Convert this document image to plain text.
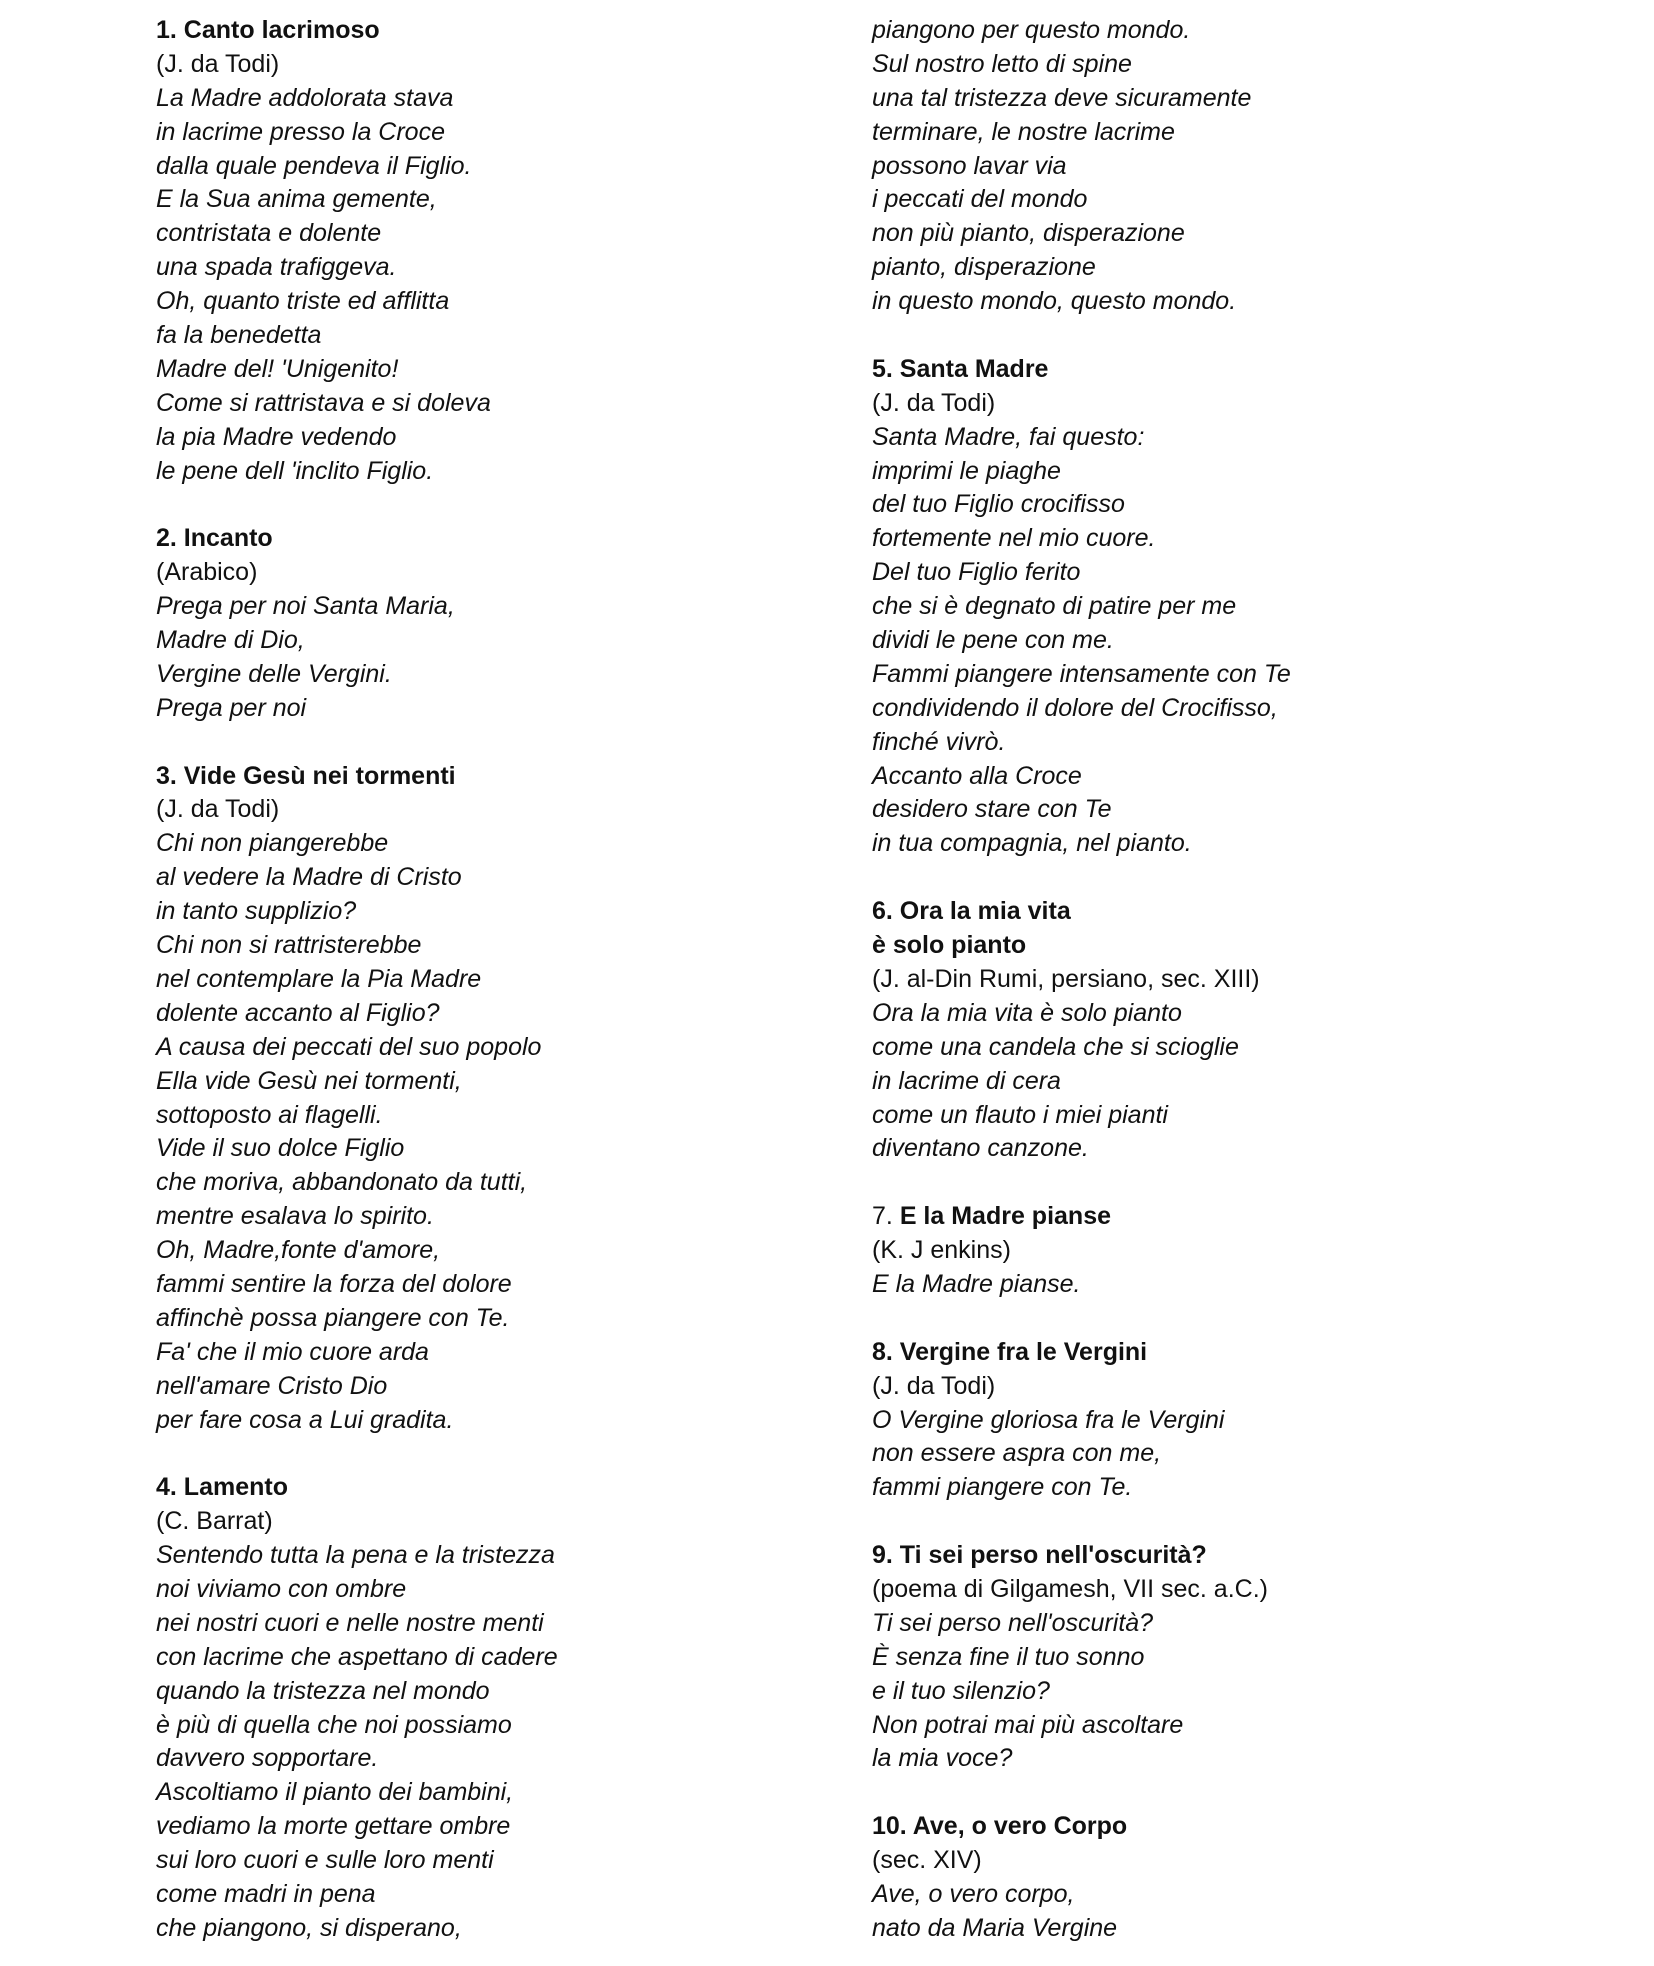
1. Canto lacrimoso
(J. da Todi)
La Madre addolorata stava
in lacrime presso la Croce
dalla quale pendeva il Figlio.
E la Sua anima gemente,
contristata e dolente
una spada trafiggeva.
Oh, quanto triste ed afflitta
fa la benedetta
Madre del! 'Unigenito!
Come si rattristava e si doleva
la pia Madre vedendo
le pene dell 'inclito Figlio.
2. Incanto
(Arabico)
Prega per noi Santa Maria,
Madre di Dio,
Vergine delle Vergini.
Prega per noi
3. Vide Gesù nei tormenti
(J. da Todi)
Chi non piangerebbe
al vedere la Madre di Cristo
in tanto supplizio?
Chi non si rattristerebbe
nel contemplare la Pia Madre
dolente accanto al Figlio?
A causa dei peccati del suo popolo
Ella vide Gesù nei tormenti,
sottoposto ai flagelli.
Vide il suo dolce Figlio
che moriva, abbandonato da tutti,
mentre esalava lo spirito.
Oh, Madre,fonte d'amore,
fammi sentire la forza del dolore
affinchè possa piangere con Te.
Fa' che il mio cuore arda
nell'amare Cristo Dio
per fare cosa a Lui gradita.
4. Lamento
(C. Barrat)
Sentendo tutta la pena e la tristezza
noi viviamo con ombre
nei nostri cuori e nelle nostre menti
con lacrime che aspettano di cadere
quando la tristezza nel mondo
è più di quella che noi possiamo
davvero sopportare.
Ascoltiamo il pianto dei bambini,
vediamo la morte gettare ombre
sui loro cuori e sulle loro menti
come madri in pena
che piangono, si disperano,
piangono per questo mondo.
Sul nostro letto di spine
una tal tristezza deve sicuramente
terminare, le nostre lacrime
possono lavar via
i peccati del mondo
non più pianto, disperazione
pianto, disperazione
in questo mondo, questo mondo.
5. Santa Madre
(J. da Todi)
Santa Madre, fai questo:
imprimi le piaghe
del tuo Figlio crocifisso
fortemente nel mio cuore.
Del tuo Figlio ferito
che si è degnato di patire per me
dividi le pene con me.
Fammi piangere intensamente con Te
condividendo il dolore del Crocifisso,
finché vivrò.
Accanto alla Croce
desidero stare con Te
in tua compagnia, nel pianto.
6. Ora la mia vita
è solo pianto
(J. al-Din Rumi, persiano, sec. XIII)
Ora la mia vita è solo pianto
come una candela che si scioglie
in lacrime di cera
come un flauto i miei pianti
diventano canzone.
7. E la Madre pianse
(K. J enkins)
E la Madre pianse.
8. Vergine fra le Vergini
(J. da Todi)
O Vergine gloriosa fra le Vergini
non essere aspra con me,
fammi piangere con Te.
9. Ti sei perso nell'oscurità?
(poema di Gilgamesh, VII sec. a.C.)
Ti sei perso nell'oscurità?
È senza fine il tuo sonno
e il tuo silenzio?
Non potrai mai più ascoltare
la mia voce?
10. Ave, o vero Corpo
(sec. XIV)
Ave, o vero corpo,
nato da Maria Vergine
